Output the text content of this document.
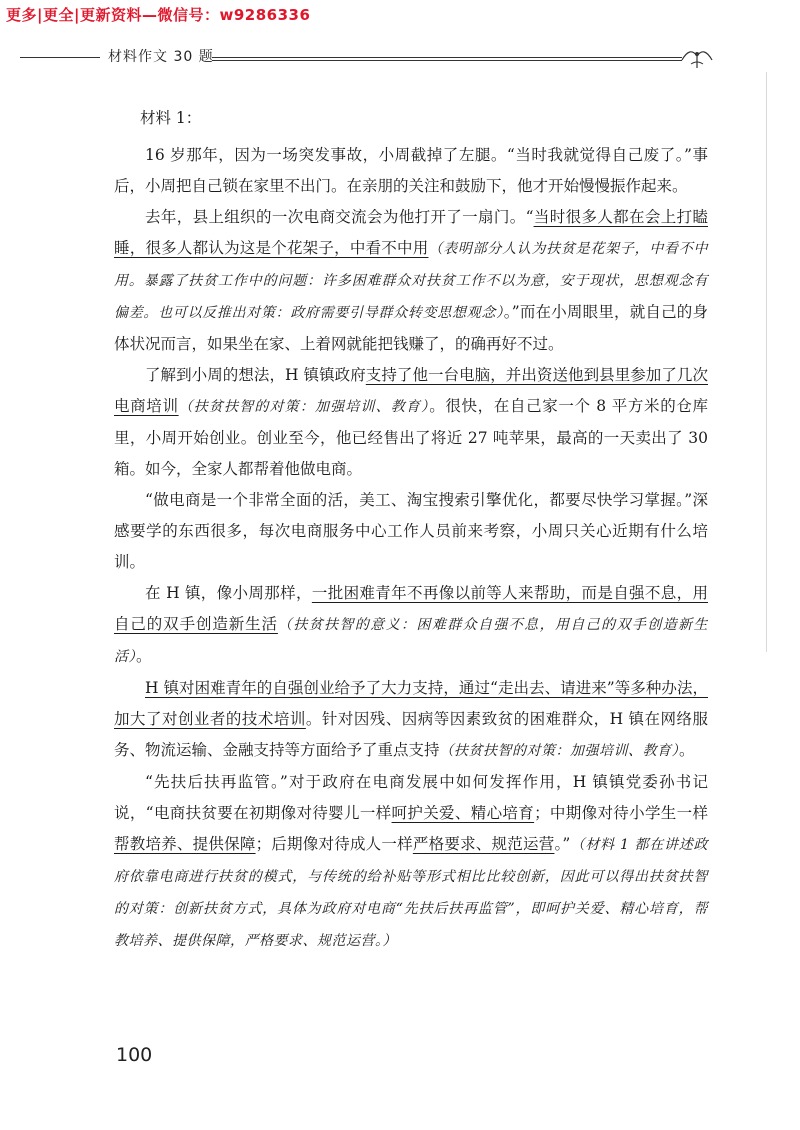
更多|更全|更新资料—微信号：w9286336
材料作文 30 题
材料 1：

16 岁那年，因为一场突发事故，小周截掉了左腿。“当时我就觉得自己废了。”事后，小周把自己锁在家里不出门。在亲朋的关注和鼓励下，他才开始慢慢振作起来。

去年，县上组织的一次电商交流会为他打开了一扇门。“当时很多人都在会上打瞌睡，很多人都认为这是个花架子，中看不中用（表明部分人认为扶贫是花架子，中看不中用。暴露了扶贫工作中的问题：许多困难群众对扶贫工作不以为意，安于现状，思想观念有偏差。也可以反推出对策：政府需要引导群众转变思想观念）。”而在小周眼里，就自己的身体状况而言，如果坐在家、上着网就能把钱赚了，的确再好不过。

了解到小周的想法，H 镇镇政府支持了他一台电脑，并出资送他到县里参加了几次电商培训（扶贫扶智的对策：加强培训、教育）。很快，在自己家一个 8 平方米的仓库里，小周开始创业。创业至今，他已经售出了将近 27 吨苹果，最高的一天卖出了 30 箱。如今，全家人都帮着他做电商。

“做电商是一个非常全面的活，美工、淘宝搜索引擎优化，都要尽快学习掌握。”深感要学的东西很多，每次电商服务中心工作人员前来考察，小周只关心近期有什么培训。

在 H 镇，像小周那样，一批困难青年不再像以前等人来帮助，而是自强不息，用自己的双手创造新生活（扶贫扶智的意义：困难群众自强不息，用自己的双手创造新生活）。

H 镇对困难青年的自强创业给予了大力支持，通过“走出去、请进来”等多种办法，加大了对创业者的技术培训。针对因残、因病等因素致贫的困难群众，H 镇在网络服务、物流运输、金融支持等方面给予了重点支持（扶贫扶智的对策：加强培训、教育）。

“先扶后扶再监管。”对于政府在电商发展中如何发挥作用，H 镇镇党委孙书记说，“电商扶贫要在初期像对待婴儿一样呵护关爱、精心培育；中期像对待小学生一样帮教培养、提供保障；后期像对待成人一样严格要求、规范运营。”（材料 1 都在讲述政府依靠电商进行扶贫的模式，与传统的给补贴等形式相比比较创新，因此可以得出扶贫扶智的对策：创新扶贫方式，具体为政府对电商“先扶后扶再监管”，即呵护关爱、精心培育，帮教培养、提供保障，严格要求、规范运营。）

100
